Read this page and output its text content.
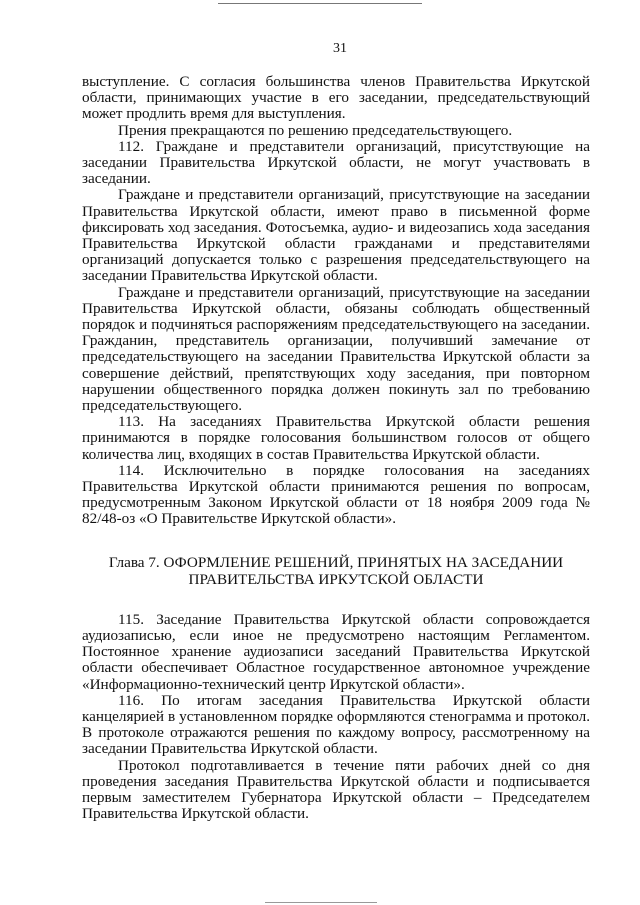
31

выступление. С согласия большинства членов Правительства Иркутской области, принимающих участие в его заседании, председательствующий может продлить время для выступления.

Прения прекращаются по решению председательствующего.

112. Граждане и представители организаций, присутствующие на заседании Правительства Иркутской области, не могут участвовать в заседании.

Граждане и представители организаций, присутствующие на заседании Правительства Иркутской области, имеют право в письменной форме фиксировать ход заседания. Фотосъемка, аудио- и видеозапись хода заседания Правительства Иркутской области гражданами и представителями организаций допускается только с разрешения председательствующего на заседании Правительства Иркутской области.

Граждане и представители организаций, присутствующие на заседании Правительства Иркутской области, обязаны соблюдать общественный порядок и подчиняться распоряжениям председательствующего на заседании. Гражданин, представитель организации, получивший замечание от председательствующего на заседании Правительства Иркутской области за совершение действий, препятствующих ходу заседания, при повторном нарушении общественного порядка должен покинуть зал по требованию председательствующего.

113. На заседаниях Правительства Иркутской области решения принимаются в порядке голосования большинством голосов от общего количества лиц, входящих в состав Правительства Иркутской области.

114. Исключительно в порядке голосования на заседаниях Правительства Иркутской области принимаются решения по вопросам, предусмотренным Законом Иркутской области от 18 ноября 2009 года № 82/48-оз «О Правительстве Иркутской области».

Глава 7. ОФОРМЛЕНИЕ РЕШЕНИЙ, ПРИНЯТЫХ НА ЗАСЕДАНИИ
ПРАВИТЕЛЬСТВА ИРКУТСКОЙ ОБЛАСТИ

115. Заседание Правительства Иркутской области сопровождается аудиозаписью, если иное не предусмотрено настоящим Регламентом. Постоянное хранение аудиозаписи заседаний Правительства Иркутской области обеспечивает Областное государственное автономное учреждение «Информационно-технический центр Иркутской области».

116. По итогам заседания Правительства Иркутской области канцелярией в установленном порядке оформляются стенограмма и протокол. В протоколе отражаются решения по каждому вопросу, рассмотренному на заседании Правительства Иркутской области.

Протокол подготавливается в течение пяти рабочих дней со дня проведения заседания Правительства Иркутской области и подписывается первым заместителем Губернатора Иркутской области – Председателем Правительства Иркутской области.
